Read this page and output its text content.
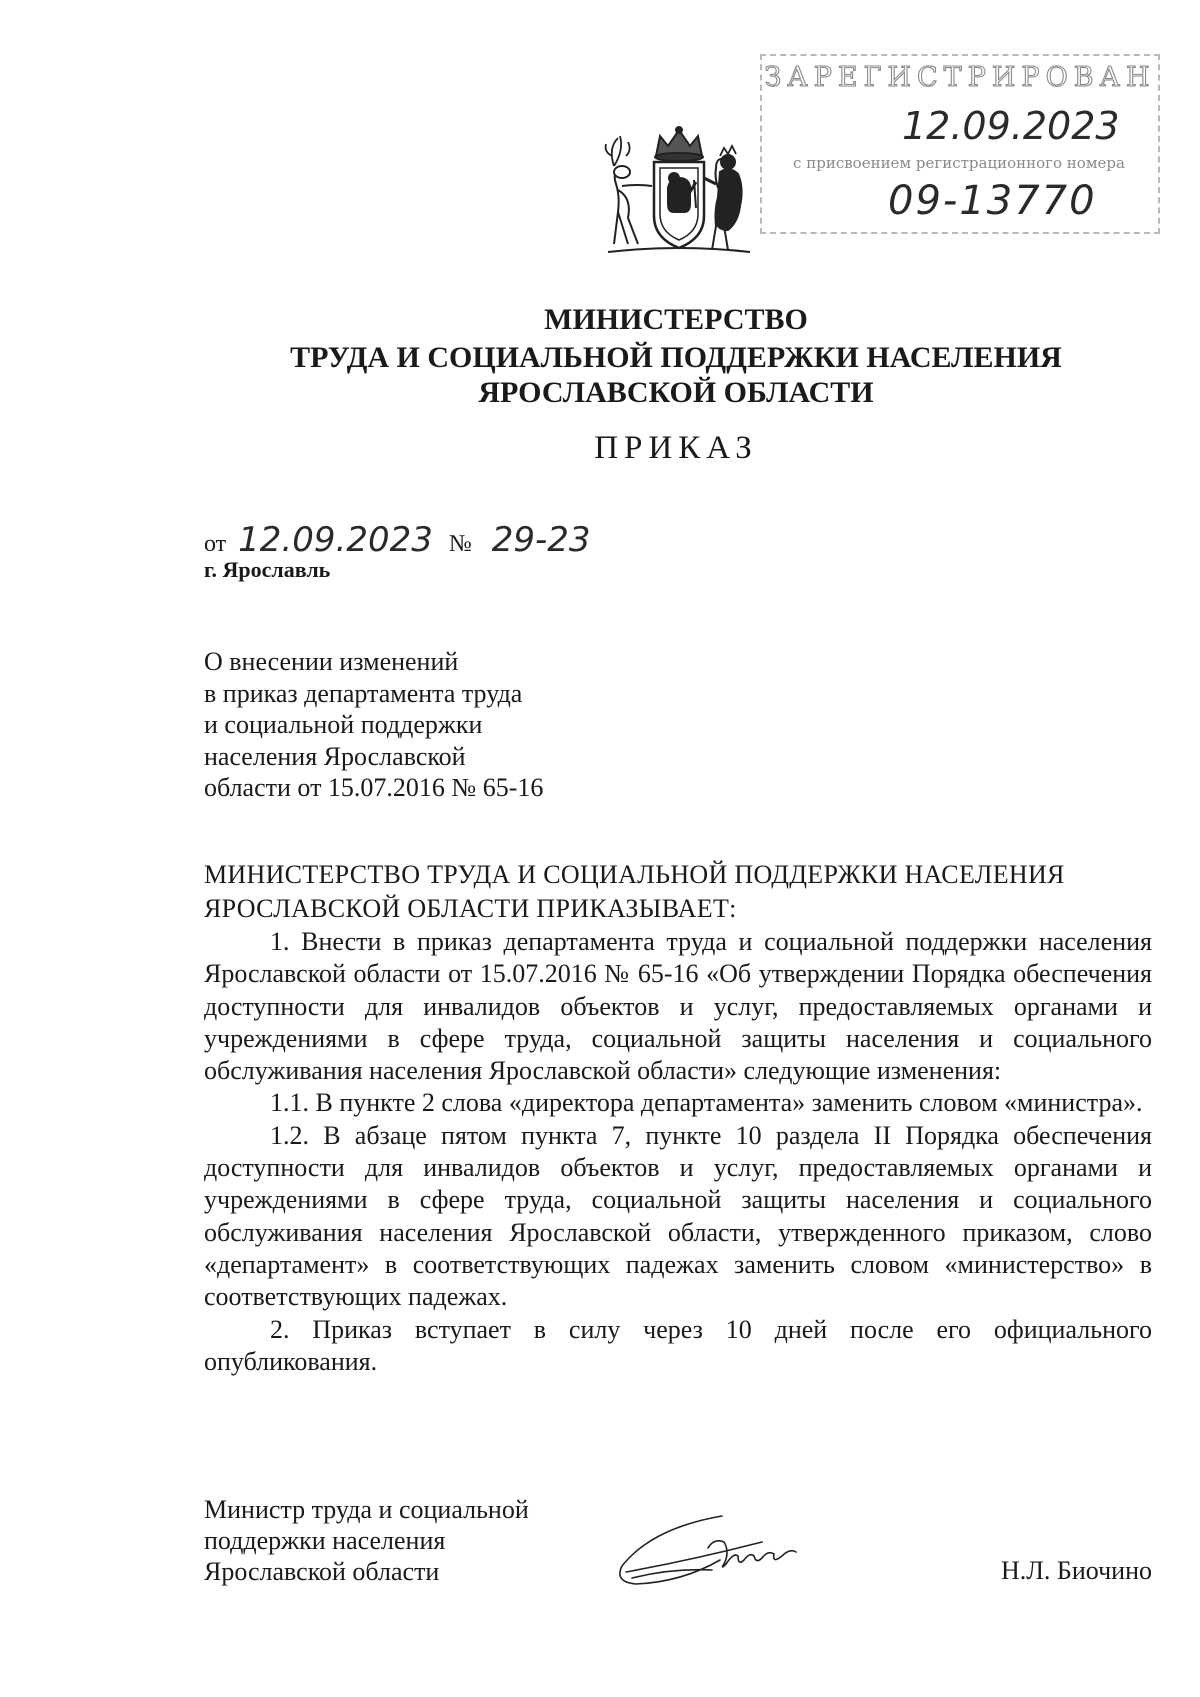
ЗАРЕГИСТРИРОВАН
12.09.2023
с присвоением регистрационного номера
09-13770
МИНИСТЕРСТВО
ТРУДА И СОЦИАЛЬНОЙ ПОДДЕРЖКИ НАСЕЛЕНИЯ
ЯРОСЛАВСКОЙ ОБЛАСТИ
ПРИКАЗ
от 12.09.2023 № 29-23
г. Ярославль
О внесении изменений
в приказ департамента труда
и социальной поддержки
населения Ярославской
области от 15.07.2016 № 65-16
МИНИСТЕРСТВО ТРУДА И СОЦИАЛЬНОЙ ПОДДЕРЖКИ НАСЕЛЕНИЯ
ЯРОСЛАВСКОЙ ОБЛАСТИ ПРИКАЗЫВАЕТ:

1. Внести в приказ департамента труда и социальной поддержки населения Ярославской области от 15.07.2016 № 65-16 «Об утверждении Порядка обеспечения доступности для инвалидов объектов и услуг, предоставляемых органами и учреждениями в сфере труда, социальной защиты населения и социального обслуживания населения Ярославской области» следующие изменения:

1.1. В пункте 2 слова «директора департамента» заменить словом «министра».

1.2. В абзаце пятом пункта 7, пункте 10 раздела II Порядка обеспечения доступности для инвалидов объектов и услуг, предоставляемых органами и учреждениями в сфере труда, социальной защиты населения и социального обслуживания населения Ярославской области, утвержденного приказом, слово «департамент» в соответствующих падежах заменить словом «министерство» в соответствующих падежах.

2. Приказ вступает в силу через 10 дней после его официального опубликования.

Министр труда и социальной
поддержки населения
Ярославской области	Н.Л. Биочино
